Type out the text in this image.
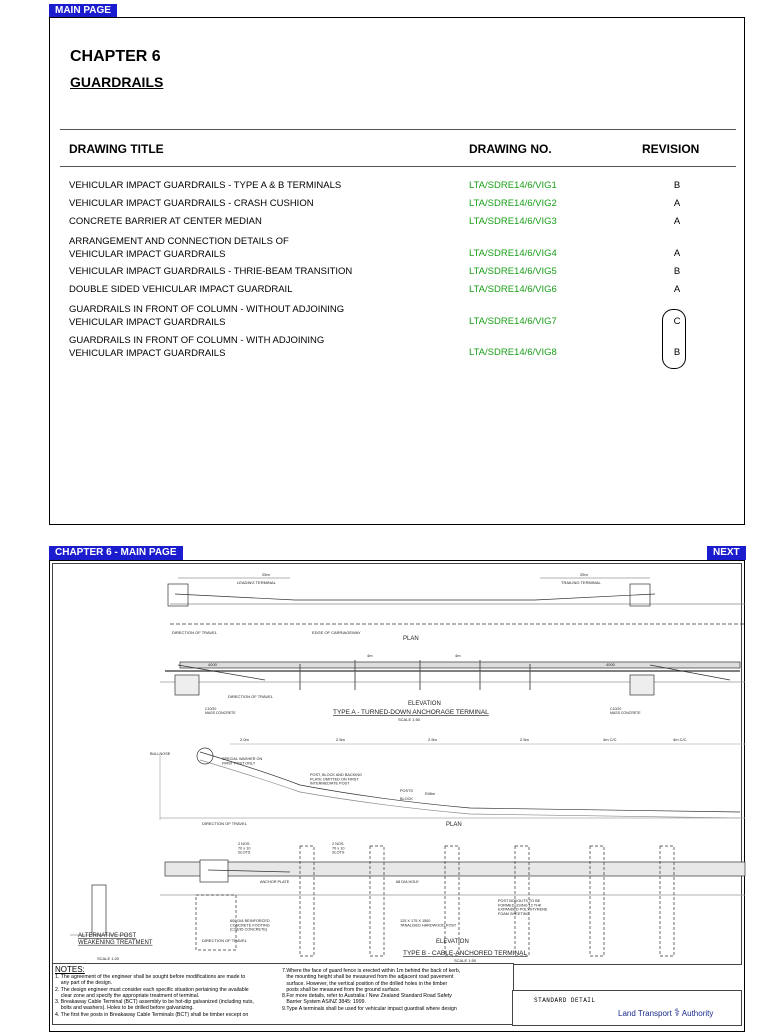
MAIN PAGE
CHAPTER 6
GUARDRAILS
DRAWING TITLE	DRAWING NO.	REVISION
VEHICULAR IMPACT GUARDRAILS - TYPE A & B TERMINALS	LTA/SDRE14/6/VIG1	B
VEHICULAR IMPACT GUARDRAILS - CRASH CUSHION	LTA/SDRE14/6/VIG2	A
CONCRETE BARRIER AT CENTER MEDIAN	LTA/SDRE14/6/VIG3	A
ARRANGEMENT AND CONNECTION DETAILS OF
VEHICULAR IMPACT GUARDRAILS	LTA/SDRE14/6/VIG4	A
VEHICULAR IMPACT GUARDRAILS - THRIE-BEAM TRANSITION	LTA/SDRE14/6/VIG5	B
DOUBLE SIDED VEHICULAR IMPACT GUARDRAIL	LTA/SDRE14/6/VIG6	A
GUARDRAILS IN FRONT OF COLUMN - WITHOUT ADJOINING
VEHICULAR IMPACT GUARDRAILS	LTA/SDRE14/6/VIG7	C
GUARDRAILS IN FRONT OF COLUMN - WITH ADJOINING
VEHICULAR IMPACT GUARDRAILS	LTA/SDRE14/6/VIG8	B
CHAPTER 6 - MAIN PAGE	NEXT
PLAN
ELEVATION
TYPE A - TURNED-DOWN ANCHORAGE TERMINAL
SCALE 1:50
LEADING TERMINAL	TRAILING TERMINAL
DIRECTION OF TRAVEL	EDGE OF CARRIAGEWAY
25m	25m
4m	4m
4000	4000
DIRECTION OF TRAVEL
C10/20 MASS CONCRETE
C10/20 MASS CONCRETE
BULLNOSE
2.0m	2.5m	2.5m	2.5m	4m C/C	4m C/C
SPECIAL WASHER ON FIRST POST ONLY
POST, BLOCK AND BACKING PLATE OMITTED ON FIRST INTERMEDIATE POST
POSTS
BLOCK
R46m
PLAN
DIRECTION OF TRAVEL
ANCHOR PLATE	68 DIA HOLE
2 NOS. 70 x 10 SLOTS
2 NOS. 70 x 10 SLOTS
POST BOXOUTS TO BE FORMED USING 12 THK EXPANDED POLYSTYRENE FOAM SHEETING
125 X 175 X 1500 TANALISED HARDWOOD POST
600 DIA REINFORCED CONCRETE FOOTING (C28/35 CONCRETE)
DIRECTION OF TRAVEL	ELEVATION
TYPE B - CABLE-ANCHORED TERMINAL
SCALE 1:50
ALTERNATIVE POST WEAKENING TREATMENT
SCALE 1:20
NOTES:
1. The agreement of the engineer shall be sought before modifications are made to
any part of the design.
2. The design engineer must consider each specific situation pertaining the available
clear zone and specify the appropriate treatment of terminal.
3. Breakaway Cable Terminal (BCT) assembly to be hot-dip galvanized (including nuts,
bolts and washers). Holes to be drilled before galvanizing.
4. The first five posts in Breakaway Cable Terminals (BCT) shall be timber except on
7.Where the face of guard fence is erected within 1m behind the back of kerb,
the mounting height shall be measured from the adjacent road pavement
surface. However, the vertical position of the drilled holes in the timber
posts shall be measured from the ground surface.
8.For more details, refer to Australia / New Zealand Standard Road Safety
Barrier System AS/NZ 3845: 1999.
9.Type A terminals shall be used for vehicular impact guardrail where design
STANDARD DETAIL
Land Transport ⚕ Authority
